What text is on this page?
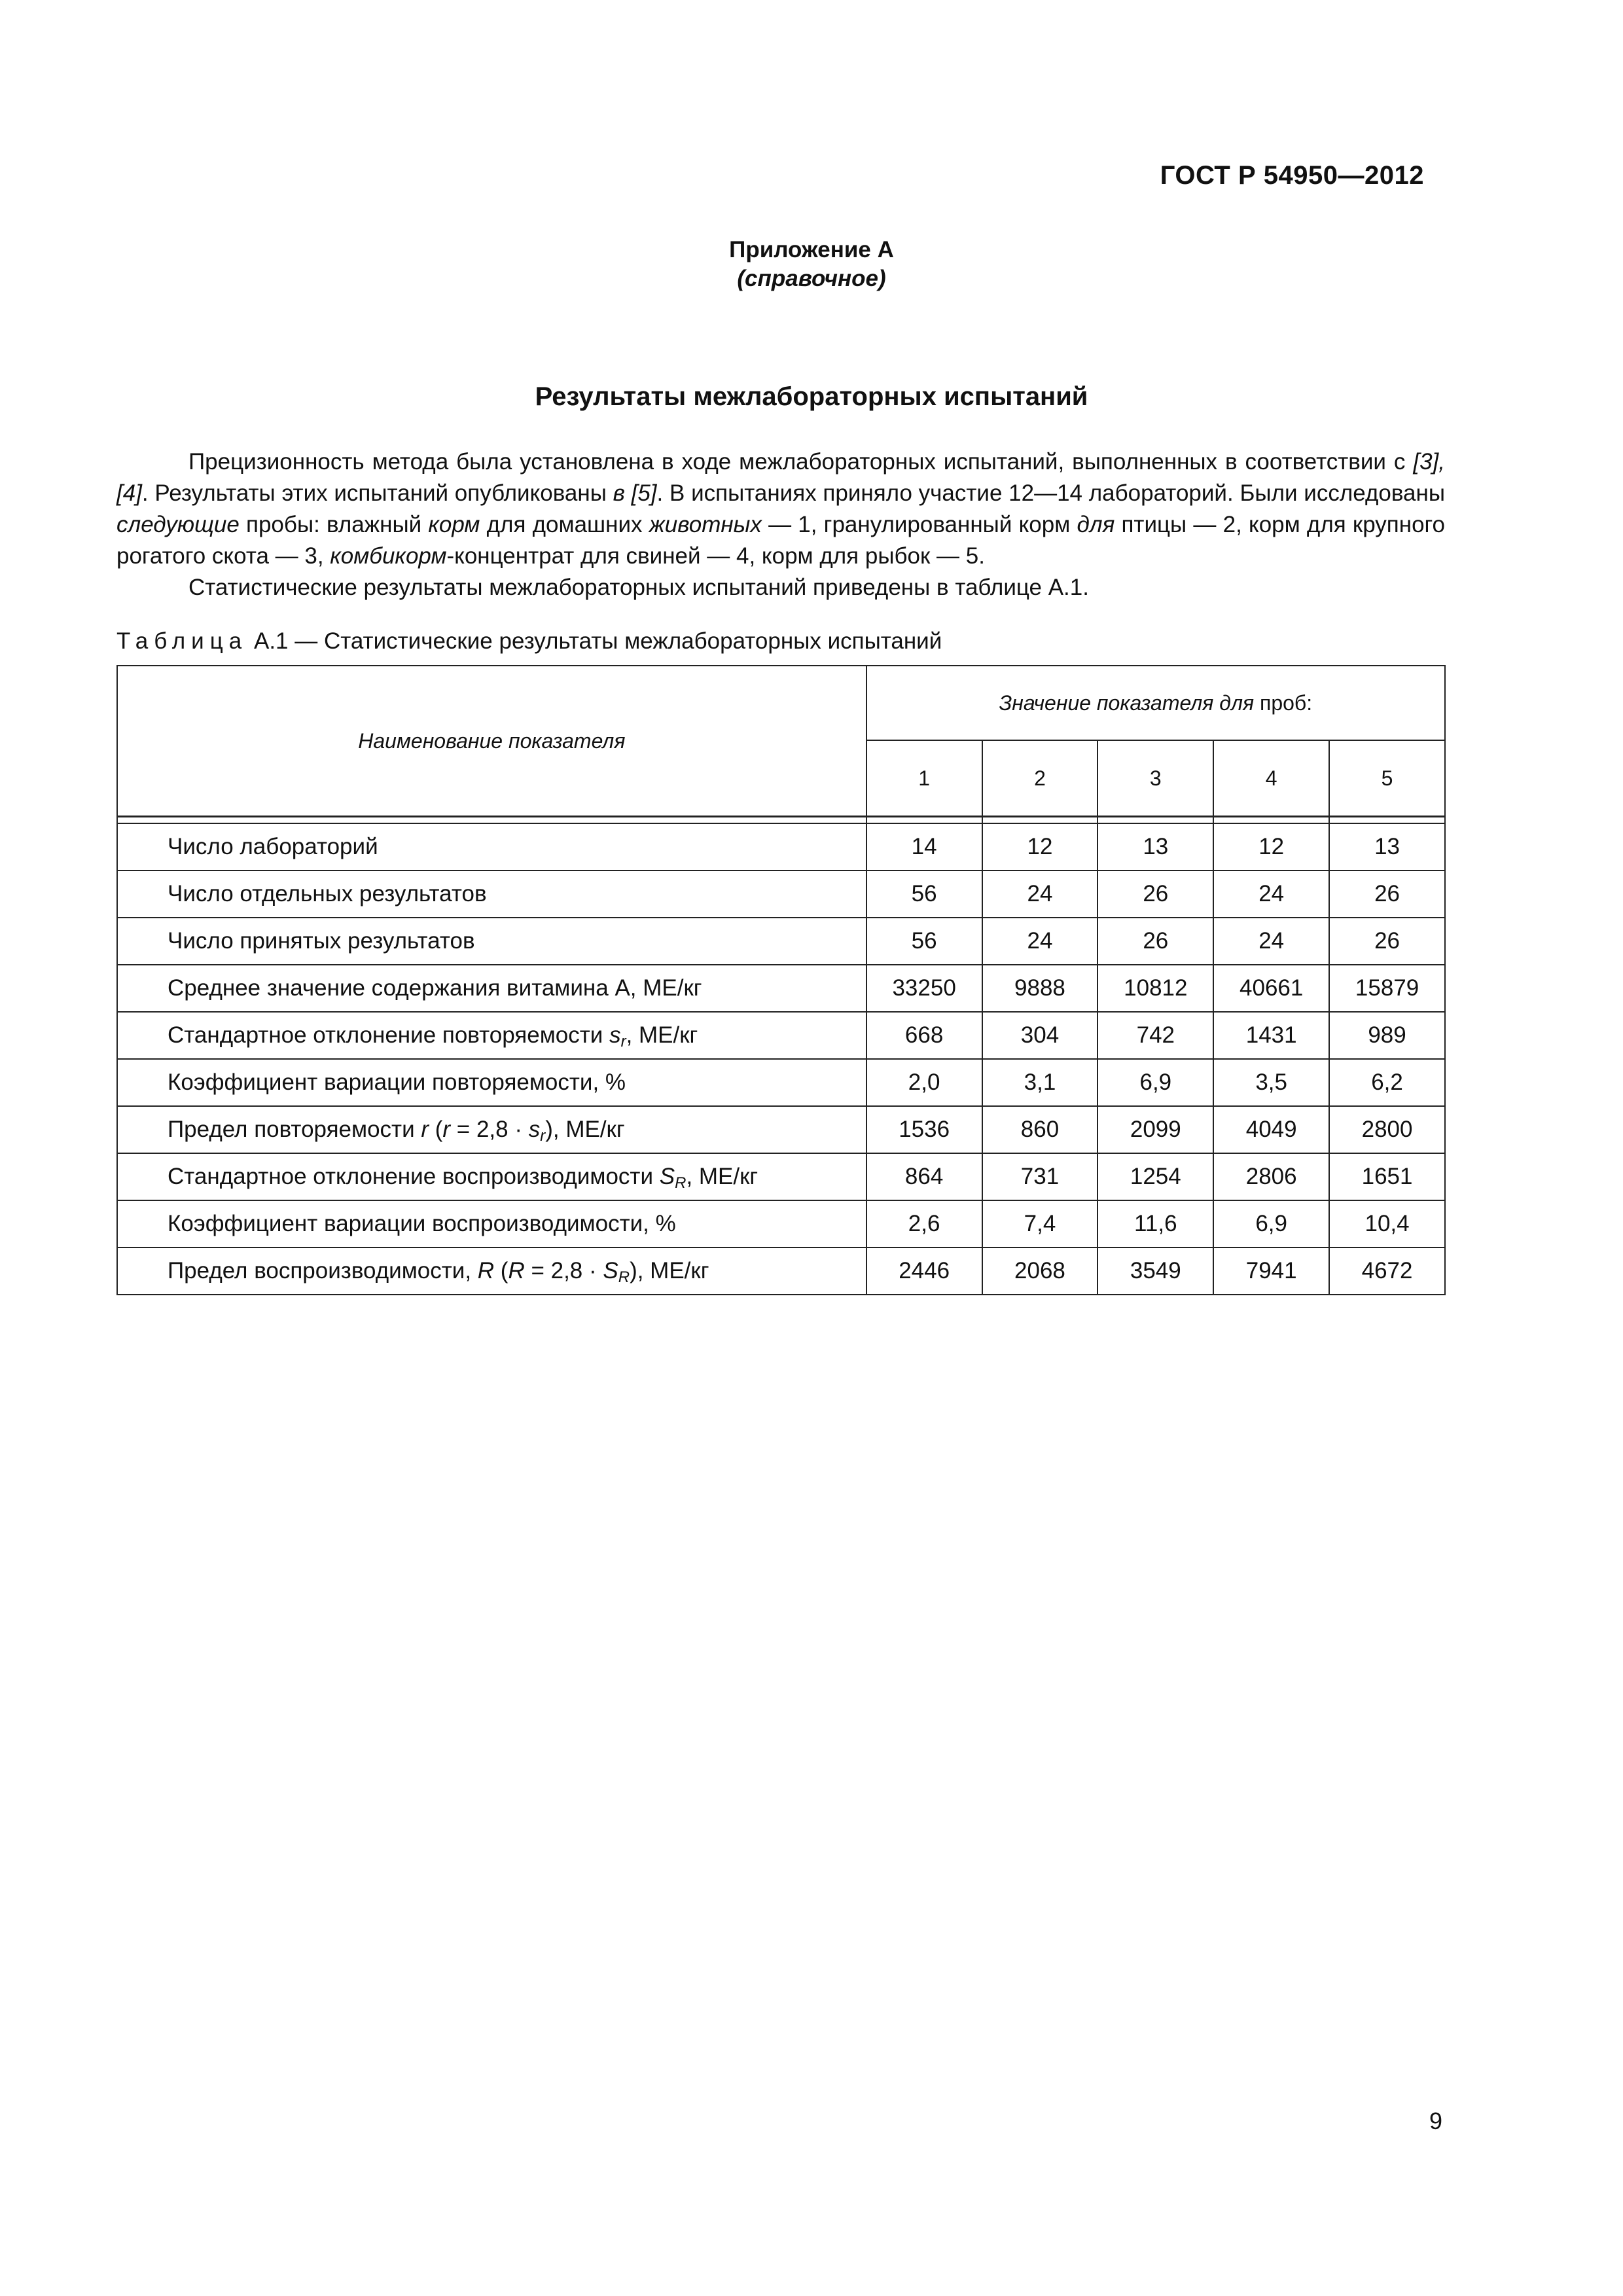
ГОСТ Р 54950—2012
Приложение А
(справочное)
Результаты межлабораторных испытаний
Прецизионность метода была установлена в ходе межлабораторных испытаний, выполненных в соответствии с [3], [4]. Результаты этих испытаний опубликованы в [5]. В испытаниях приняло участие 12—14 лабораторий. Были исследованы следующие пробы: влажный корм для домашних животных — 1, гранулированный корм для птицы — 2, корм для крупного рогатого скота — 3, комбикорм-концентрат для свиней — 4, корм для рыбок — 5.
Статистические результаты межлабораторных испытаний приведены в таблице А.1.
Таблица А.1 — Статистические результаты межлабораторных испытаний
Наименование показателя	Значение показателя для проб:				
	1	2	3	4	5

Число лабораторий	14	12	13	12	13
Число отдельных результатов	56	24	26	24	26
Число принятых результатов	56	24	26	24	26
Среднее значение содержания витамина А, МЕ/кг	33250	9888	10812	40661	15879
Стандартное отклонение повторяемости $s_r$, МЕ/кг	668	304	742	1431	989
Коэффициент вариации повторяемости, %	2,0	3,1	6,9	3,5	6,2
Предел повторяемости r $(r = 2,8 \cdot s_r)$, МЕ/кг	1536	860	2099	4049	2800
Стандартное отклонение воспроизводимости $S_R$, МЕ/кг	864	731	1254	2806	1651
Коэффициент вариации воспроизводимости, %	2,6	7,4	11,6	6,9	10,4
Предел воспроизводимости, R $(R = 2,8 \cdot S_R)$, МЕ/кг	2446	2068	3549	7941	4672
9
